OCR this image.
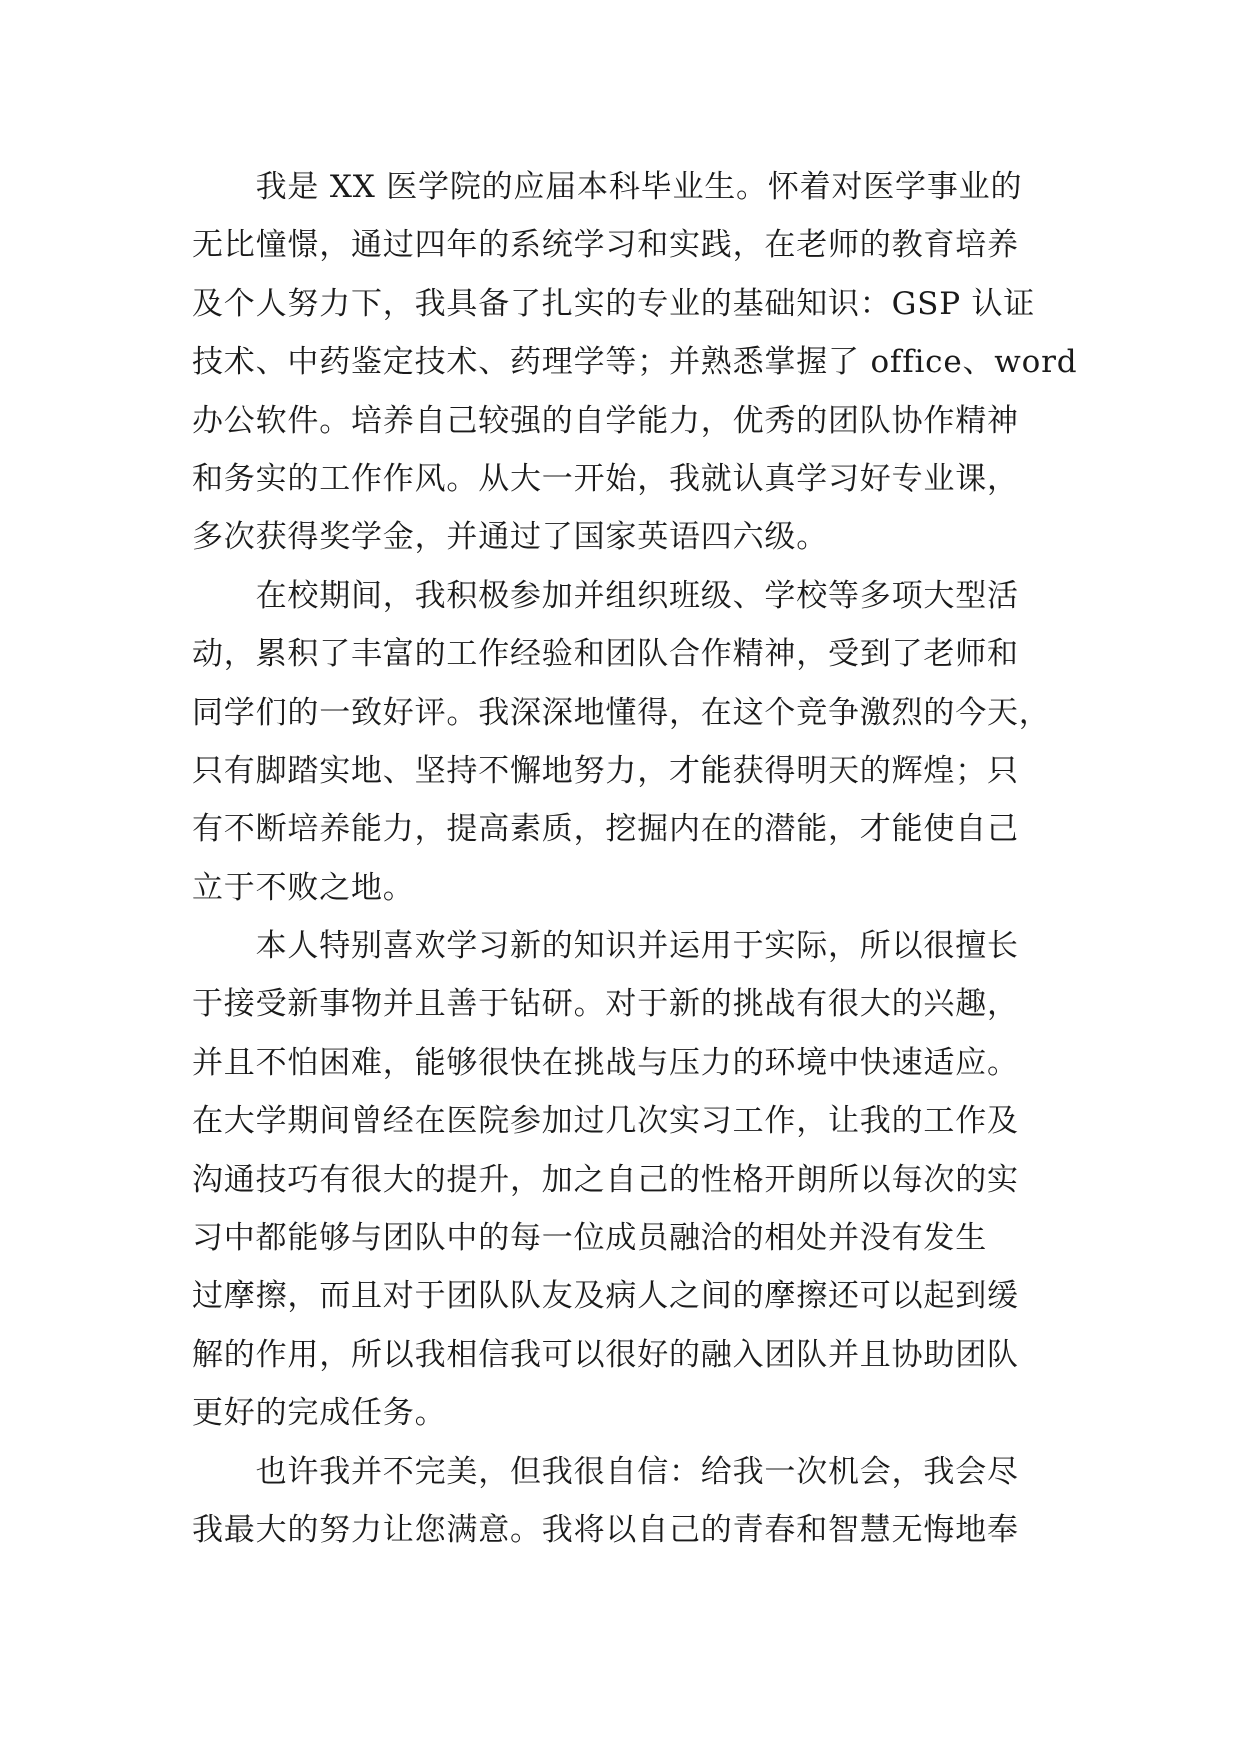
　　我是 XX 医学院的应届本科毕业生。怀着对医学事业的
无比憧憬，通过四年的系统学习和实践，在老师的教育培养
及个人努力下，我具备了扎实的专业的基础知识：GSP 认证
技术、中药鉴定技术、药理学等；并熟悉掌握了 office、word
办公软件。培养自己较强的自学能力，优秀的团队协作精神
和务实的工作作风。从大一开始，我就认真学习好专业课，
多次获得奖学金，并通过了国家英语四六级。
　　在校期间，我积极参加并组织班级、学校等多项大型活
动，累积了丰富的工作经验和团队合作精神，受到了老师和
同学们的一致好评。我深深地懂得，在这个竞争激烈的今天，
只有脚踏实地、坚持不懈地努力，才能获得明天的辉煌；只
有不断培养能力，提高素质，挖掘内在的潜能，才能使自己
立于不败之地。
　　本人特别喜欢学习新的知识并运用于实际，所以很擅长
于接受新事物并且善于钻研。对于新的挑战有很大的兴趣，
并且不怕困难，能够很快在挑战与压力的环境中快速适应。
在大学期间曾经在医院参加过几次实习工作，让我的工作及
沟通技巧有很大的提升，加之自己的性格开朗所以每次的实
习中都能够与团队中的每一位成员融洽的相处并没有发生
过摩擦，而且对于团队队友及病人之间的摩擦还可以起到缓
解的作用，所以我相信我可以很好的融入团队并且协助团队
更好的完成任务。
　　也许我并不完美，但我很自信：给我一次机会，我会尽
我最大的努力让您满意。我将以自己的青春和智慧无悔地奉
